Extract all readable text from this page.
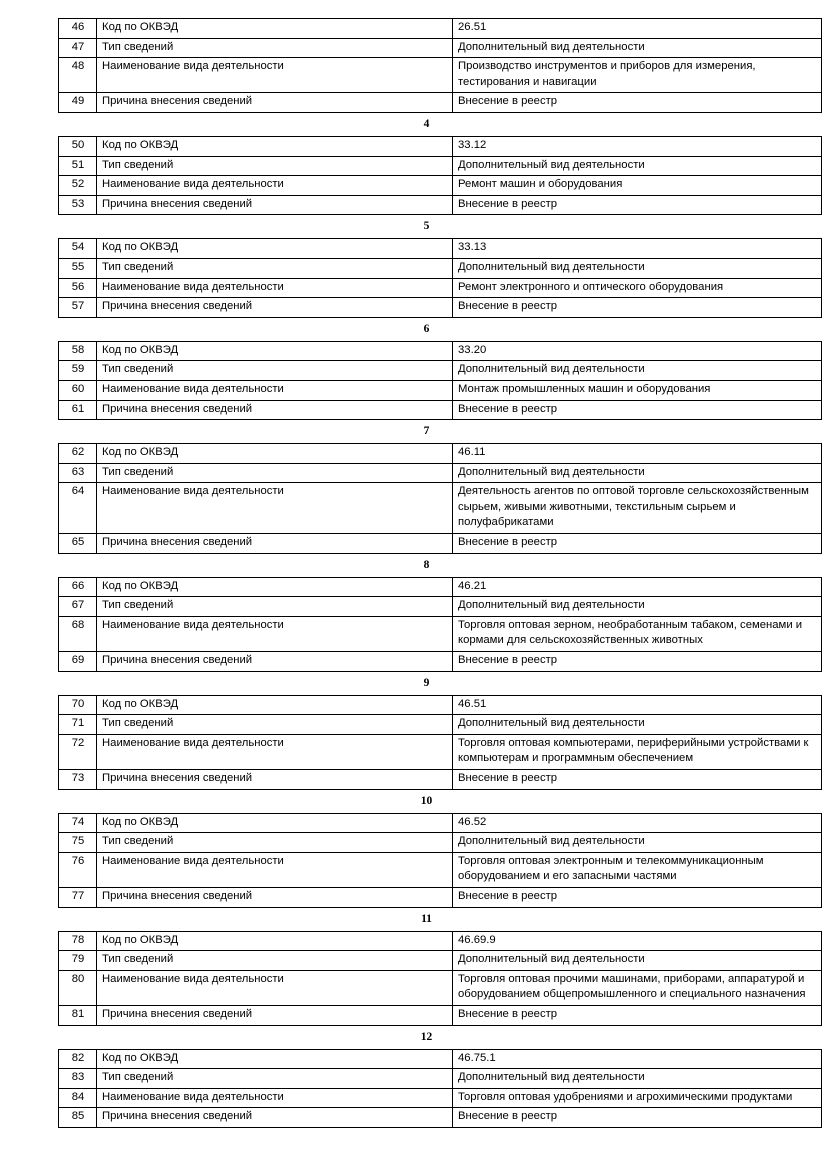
46	Код по ОКВЭД	26.51
47	Тип сведений	Дополнительный вид деятельности
48	Наименование вида деятельности	Производство инструментов и приборов для измерения, тестирования и навигации
49	Причина внесения сведений	Внесение в реестр
4
50	Код по ОКВЭД	33.12
51	Тип сведений	Дополнительный вид деятельности
52	Наименование вида деятельности	Ремонт машин и оборудования
53	Причина внесения сведений	Внесение в реестр
5
54	Код по ОКВЭД	33.13
55	Тип сведений	Дополнительный вид деятельности
56	Наименование вида деятельности	Ремонт электронного и оптического оборудования
57	Причина внесения сведений	Внесение в реестр
6
58	Код по ОКВЭД	33.20
59	Тип сведений	Дополнительный вид деятельности
60	Наименование вида деятельности	Монтаж промышленных машин и оборудования
61	Причина внесения сведений	Внесение в реестр
7
62	Код по ОКВЭД	46.11
63	Тип сведений	Дополнительный вид деятельности
64	Наименование вида деятельности	Деятельность агентов по оптовой торговле сельскохозяйственным сырьем, живыми животными, текстильным сырьем и полуфабрикатами
65	Причина внесения сведений	Внесение в реестр
8
66	Код по ОКВЭД	46.21
67	Тип сведений	Дополнительный вид деятельности
68	Наименование вида деятельности	Торговля оптовая зерном, необработанным табаком, семенами и кормами для сельскохозяйственных животных
69	Причина внесения сведений	Внесение в реестр
9
70	Код по ОКВЭД	46.51
71	Тип сведений	Дополнительный вид деятельности
72	Наименование вида деятельности	Торговля оптовая компьютерами, периферийными устройствами к компьютерам и программным обеспечением
73	Причина внесения сведений	Внесение в реестр
10
74	Код по ОКВЭД	46.52
75	Тип сведений	Дополнительный вид деятельности
76	Наименование вида деятельности	Торговля оптовая электронным и телекоммуникационным оборудованием и его запасными частями
77	Причина внесения сведений	Внесение в реестр
11
78	Код по ОКВЭД	46.69.9
79	Тип сведений	Дополнительный вид деятельности
80	Наименование вида деятельности	Торговля оптовая прочими машинами, приборами, аппаратурой и оборудованием общепромышленного и специального назначения
81	Причина внесения сведений	Внесение в реестр
12
82	Код по ОКВЭД	46.75.1
83	Тип сведений	Дополнительный вид деятельности
84	Наименование вида деятельности	Торговля оптовая удобрениями и агрохимическими продуктами
85	Причина внесения сведений	Внесение в реестр
